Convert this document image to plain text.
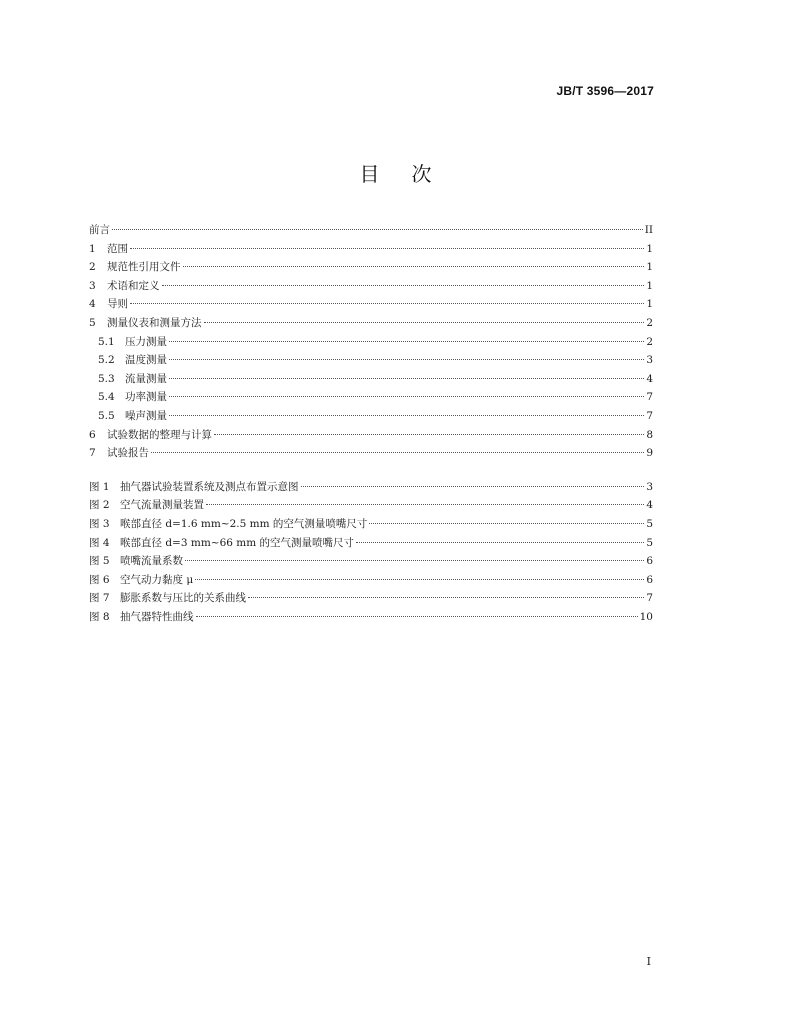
JB/T 3596—2017
目 次
前言	II
1	范围	1
2	规范性引用文件	1
3	术语和定义	1
4	导则	1
5	测量仪表和测量方法	2
5.1 压力测量	2
5.2 温度测量	3
5.3 流量测量	4
5.4 功率测量	7
5.5 噪声测量	7
6	试验数据的整理与计算	8
7	试验报告	9
图 1 抽气器试验装置系统及测点布置示意图	3
图 2 空气流量测量装置	4
图 3 喉部直径 d=1.6 mm~2.5 mm 的空气测量喷嘴尺寸	5
图 4 喉部直径 d=3 mm~66 mm 的空气测量喷嘴尺寸	5
图 5 喷嘴流量系数	6
图 6 空气动力黏度 μ	6
图 7 膨胀系数与压比的关系曲线	7
图 8 抽气器特性曲线	10
I
